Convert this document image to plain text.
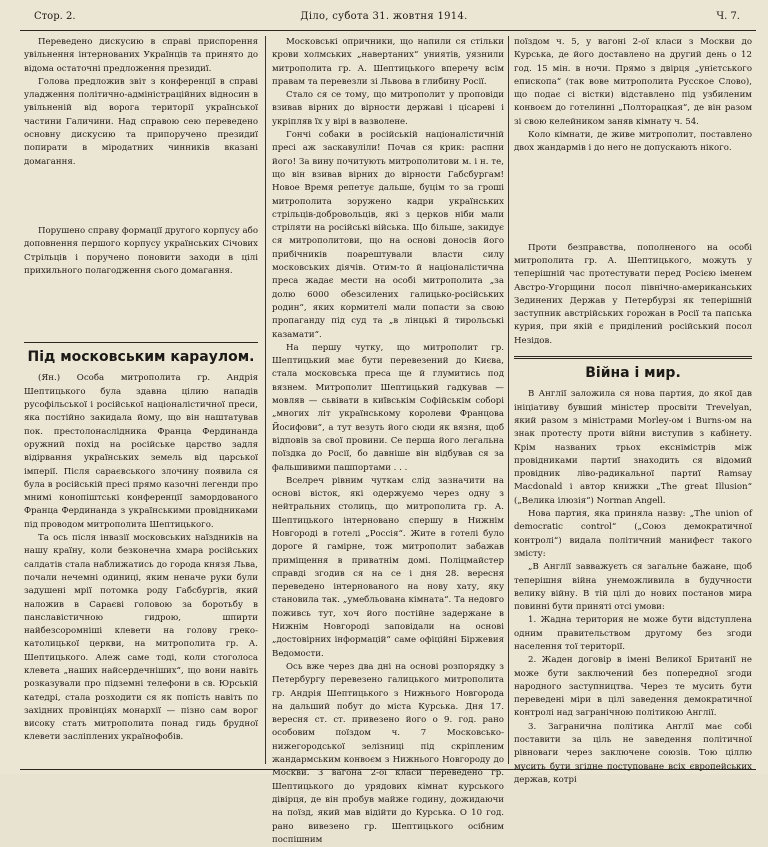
Стор. 2.	Ділo, субота 31. жовтня 1914.	Ч. 7.

Переведено дискусию в справі приспорення увільнення інтернованих Українців та принято до відома остаточні предложення президиї.

Голова предложив звіт з конференції в справі уладження політично-адміністраційних відносин в увільненій від ворога території української частини Галичини. Над справою сею переведено основну дискусию та припоручено президиї попирати в міродатних чинників вказані домагання.

Порушено справу формації другого корпусу або доповнення першого корпусу українських Січових Стрільців і поручено поновити заходи в цілі прихильного полагодження сього домагання.

Під московським караулом.

(Ян.) Особа митрополита гр. Андрія Шептицького була здавна цілию нападів русофільської і російської націоналістичної преси, яка постійно закидала йому, що він наштатував пок. престолонаслідника Франца Фердинанда оружний похід на російське царство задля відірвання українських земель від царської імперії. Після сараєвського злочину появила ся була в російській пресі прямо казочні легенди про мнимі конопіштські конференції замордованого Франца Фердинанда з українськими провідниками під проводом митрополита Шептицького.

Та ось після інвазії московських наїздників на нашу країну, коли безконечна хмара російських салдатів стала наближатись до города князя Льва, почали нечемні одиниці, яким неначе руки були задушені мрії потомка роду Габсбургів, який наложив в Сараєві головою за боротьбу в панславістичною гидрою, шпирти найбезсоромніші клевети на голову греко-католицької церкви, на митрополита гр. А. Шептицького. Алеж саме тоді, коли стоголоса клевета „наших найсердечніших“, що вони навіть розказували про підземні телефони в св. Юрській катедрі, стала розходити ся як попість навіть по західних провінціях монархії — пізно сам ворог високу стать митрополита понад гидь брудної клевети засліплених українофобів.

Московські опричники, що напили ся стільки крови холмських „навертаних“ униятів, уязнили митрополита гр. А. Шептицького вперечу всім правам та перевезли зі Львова в глибину Росії.

Стало ся се тому, що митрополит у проповіди взивав вірних до вірности державі і цісареві і укріпляв їх у вірі в вазволене.

Гончі собаки в російській націоналістичній пресі аж заскавуліли! Почав ся крик: распни його! За вину почитують митрополитови м. і н. те, що він взивав вірних до вірности Габсбургам! Новое Время репетує дальше, буцім то за гроші митрополита зоружено кадри українських стрільців-добровольців, які з церков ніби мали стріляти на російські війська. Що більше, закидує ся митрополитови, що на основі доносів його прибічників поарештували власти силу московських діячів. Отим-то й націоналістична преса жадає мести на особі митрополита „за долю 6000 обезсилених галицько-російських родин“, яких кормителі мали попасти за свою пропаганду під суд та „в лінцькі й тирольські казамати“.

На першу чутку, що митрополит гр. Шептицький має бути перевезений до Києва, стала московська преса ще й глумитись под вязнем. Митрополит Шептицький гадкував — мовляв — сьвівати в київськім Софійськім соборі „многих літ українському королеви Францова Йосифови“, а тут везуть його сюди як вязня, щоб відповів за свої провини. Се перша його легальна поїздка до Росії, бо давніше він відбував ся за фальшивими пашпортами . . .

Вселреч рівним чуткам слід зазначити на основі вісток, які одержуємо через одну з нейтральних столиць, що митрополита гр. А. Шептицького інтерновано спершу в Нижнім Новгороді в готелі „Россія“. Жите в готелі було дороге й гамірне, тож митрополит забажав приміщення в приватнім домі. Поліцмайстер справді згодив ся на се і дня 28. вересня переведено інтернованого на нову хату, яку становила так. „умебльована кімната“. Та недовго поживсь тут, хоч його постійне задержане в Нижнім Новгороді заповідали на основі „достовірних інформацій“ саме офіційні Біржевия Ведомости.

Ось вже через два дні на основі розпорядку з Петербургу перевезено галицького митрополита гр. Андрія Шептицького з Нижнього Новгорода на дальший побут до міста Курська. Дня 17. вересня ст. ст. привезено його о 9. год. рано особовим поїздом ч. 7 Московсько-нижегородської зелізниці під скріпленим жандармським конвоєм з Нижнього Новгороду до Москви. З вагона 2-ої класи переведено гр. Шептицького до урядових кімнат курського дівірця, де він пробув майже годину, дожидаючи на поїзд, який мав відійти до Курська. О 10 год. рано вивезено гр. Шептицького осібним поспішним

поїздом ч. 5, у вагоні 2-ої класи з Москви до Курська, де його доставлено на другий день о 12 год. 15 мін. в ночи. Прямо з двірця „унієтського епископа“ (так вове митрополита Русское Слово), що подає сі вістки) відставлено під узбиленим конвоєм до готелинні „Полторацкая“, де він разом зі свою келейником заняв кімнату ч. 54.

Коло кімнати, де живе митрополит, поставлено двох жандармів і до него не допускають нікого.

Проти безправства, пополненого на особі митрополита гр. А. Шептицького, можуть у теперішній час протестувати перед Росією іменем Австро-Угорщини посол північно-американських Зединених Держав у Петербурзі як теперішній заступник австрійських горожан в Росії та папська курия, при якій є приділений російський посол Незідов.

Війна і мир.

В Англії заложила ся нова партия, до якої дав ініціативу бувший міністер просвіти Trevelyan, який разом з міністрами Morley-ом і Burns-ом на знак протесту проти війни виступив з кабінету. Крім названих трьох екснімістрів між провідниками партиї знаходить ся відомий провідник ліво-радикальної партиї Ramsay Macdonald і автор книжки „The great Illusion“ („Велика ілюзія“) Norman Angell.

Нова партия, яка приняла назву: „The union of democratic control“ („Союз демократичної контролі“) видала політичний манифест такого змісту:

„В Англії завважуєть ся загальне бажане, щоб теперішня війна унеможливила в будучности велику війну. В тій цілі до нових постанов мира повинні бути принятi отсі умови:

1. Жадна територия не може бути відступлена одним правительством другому без згоди населення тої території.

2. Жаден договір в імені Великої Британії не може бути заключений без попередної згоди народного заступництва. Через те мусить бути переведені міри в цілі заведення демократичної контролі над загранічною політикою Англії.

3. Загранична політика Англії має собі поставити за ціль не заведення політичної рівноваги через заключене союзів. Тою ціллю мусить бути згідне поступоване всіх європейських держав, котрі
